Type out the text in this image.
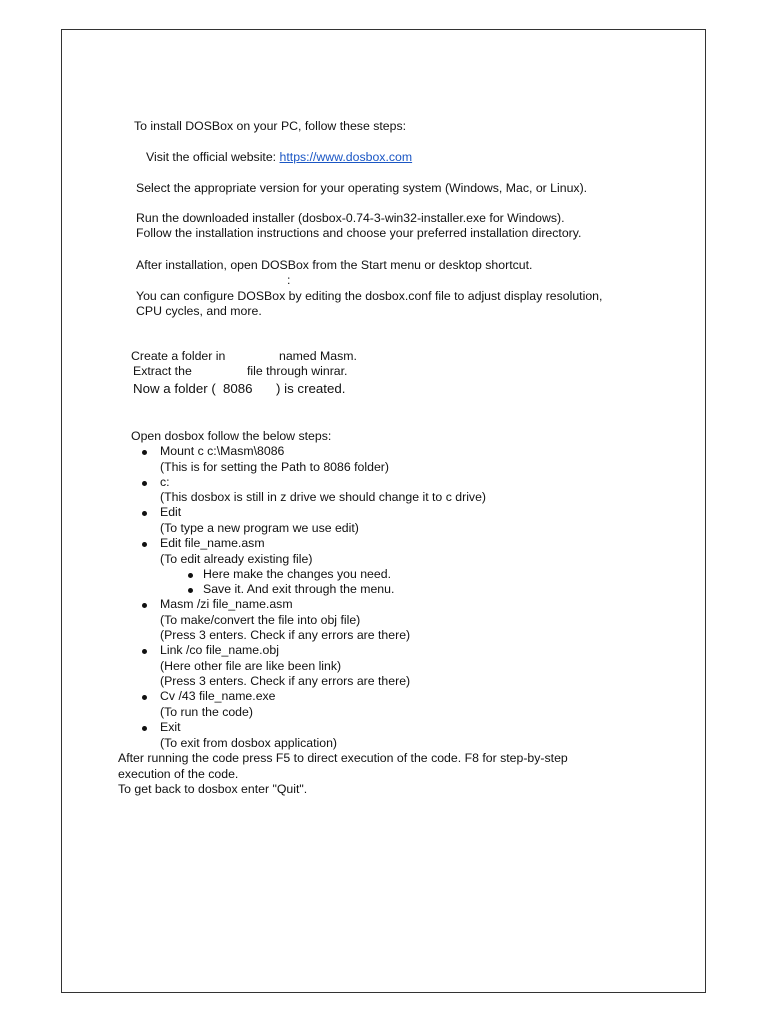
To install DOSBox on your PC, follow these steps:
Visit the official website: https://www.dosbox.com
Select the appropriate version for your operating system (Windows, Mac, or Linux).
Run the downloaded installer (dosbox-0.74-3-win32-installer.exe for Windows).
Follow the installation instructions and choose your preferred installation directory.
After installation, open DOSBox from the Start menu or desktop shortcut.
:
You can configure DOSBox by editing the dosbox.conf file to adjust display resolution,
CPU cycles, and more.
Create a folder in	named Masm.
Extract the	file through winrar.
Now a folder ( 8086 ) is created.
Open dosbox follow the below steps:
Mount c c:\Masm\8086
(This is for setting the Path to 8086 folder)
c:
(This dosbox is still in z drive we should change it to c drive)
Edit
(To type a new program we use edit)
Edit file_name.asm
(To edit already existing file)
Here make the changes you need.
Save it. And exit through the menu.
Masm /zi file_name.asm
(To make/convert the file into obj file)
(Press 3 enters. Check if any errors are there)
Link /co file_name.obj
(Here other file are like been link)
(Press 3 enters. Check if any errors are there)
Cv /43 file_name.exe
(To run the code)
Exit
(To exit from dosbox application)
After running the code press F5 to direct execution of the code. F8 for step-by-step
execution of the code.
To get back to dosbox enter "Quit".
